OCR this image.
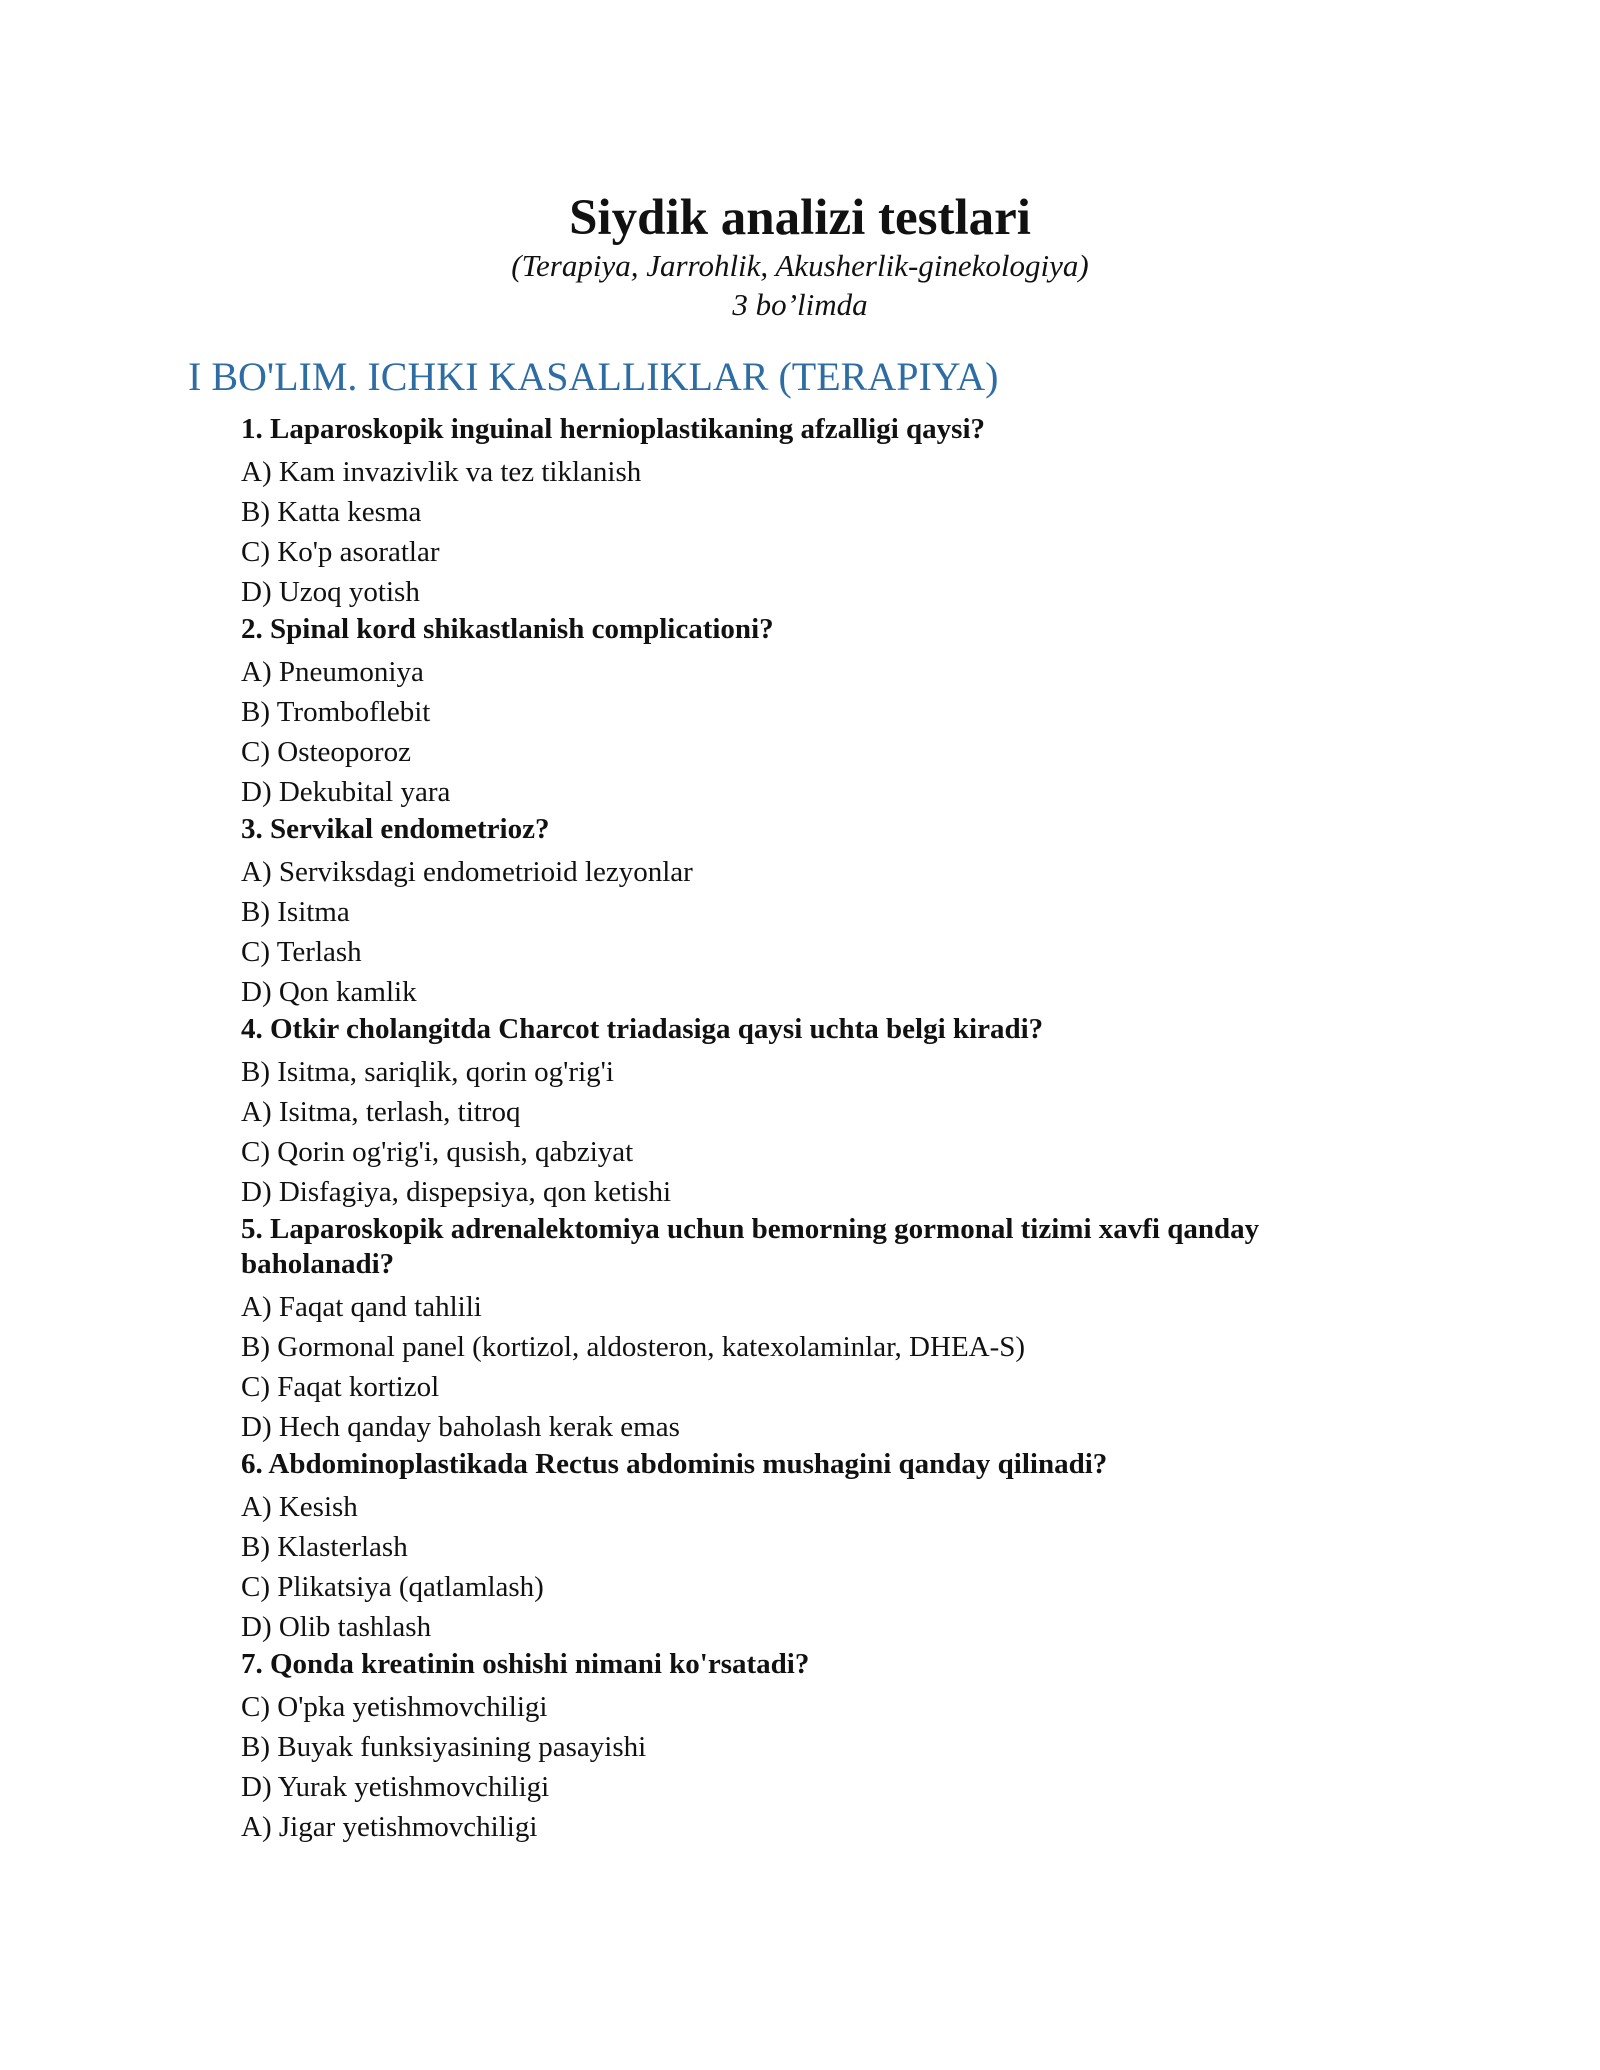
Siydik analizi testlari

(Terapiya, Jarrohlik, Akusherlik-ginekologiya)

3 bo’limda

I BO'LIM. ICHKI KASALLIKLAR (TERAPIYA)

1. Laparoskopik inguinal hernioplastikaning afzalligi qaysi?

A) Kam invazivlik va tez tiklanish

B) Katta kesma

C) Ko'p asoratlar

D) Uzoq yotish

2. Spinal kord shikastlanish complicationi?

A) Pneumoniya

B) Tromboflebit

C) Osteoporoz

D) Dekubital yara

3. Servikal endometrioz?

A) Serviksdagi endometrioid lezyonlar

B) Isitma

C) Terlash

D) Qon kamlik

4. Otkir cholangitda Charcot triadasiga qaysi uchta belgi kiradi?

B) Isitma, sariqlik, qorin og'rig'i

A) Isitma, terlash, titroq

C) Qorin og'rig'i, qusish, qabziyat

D) Disfagiya, dispepsiya, qon ketishi

5. Laparoskopik adrenalektomiya uchun bemorning gormonal tizimi xavfi qanday baholanadi?

A) Faqat qand tahlili

B) Gormonal panel (kortizol, aldosteron, katexolaminlar, DHEA-S)

C) Faqat kortizol

D) Hech qanday baholash kerak emas

6. Abdominoplastikada Rectus abdominis mushagini qanday qilinadi?

A) Kesish

B) Klasterlash

C) Plikatsiya (qatlamlash)

D) Olib tashlash

7. Qonda kreatinin oshishi nimani ko'rsatadi?

C) O'pka yetishmovchiligi

B) Buyak funksiyasining pasayishi

D) Yurak yetishmovchiligi

A) Jigar yetishmovchiligi
